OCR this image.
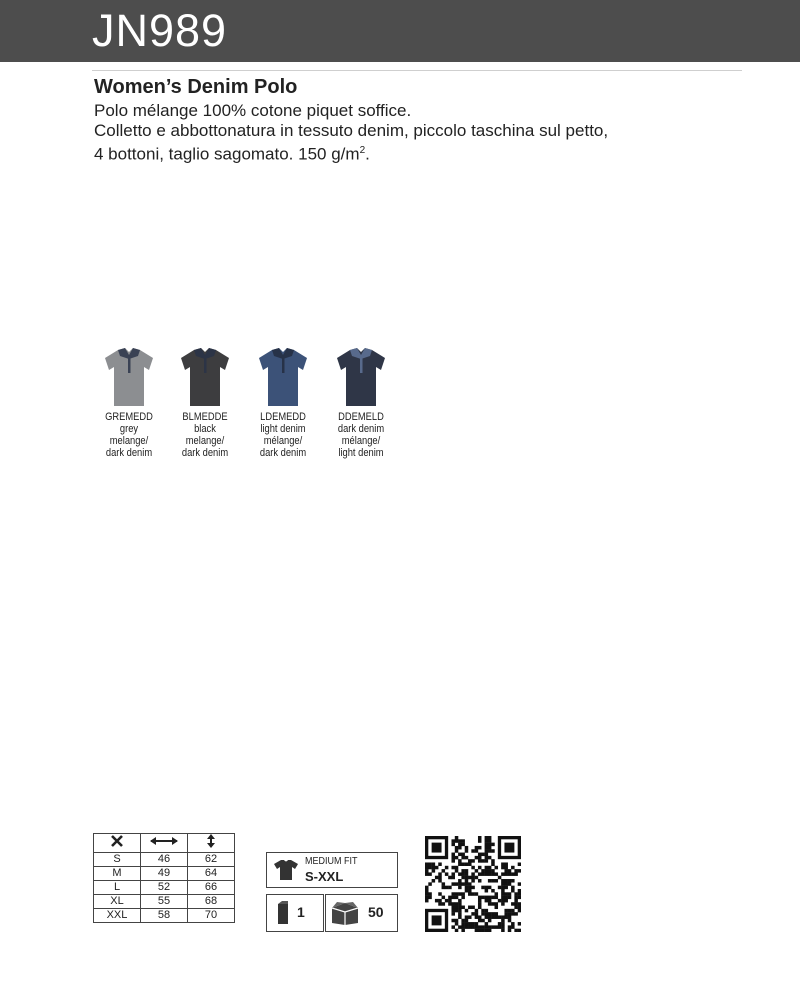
JN989
Women’s Denim Polo
Polo mélange 100% cotone piquet soffice.
Colletto e abbottonatura in tessuto denim, piccolo taschina sul petto,
4 bottoni, taglio sagomato. 150 $g/m^2$.
GREMEDD
grey
melange/
dark denim
BLMEDDE
black
melange/
dark denim
LDEMEDD
light denim
mélange/
dark denim
DDEMELD
dark denim
mélange/
light denim

S	46	62
M	49	64
L	52	66
XL	55	68
XXL	58	70
MEDIUM FIT
S-XXL
1	50
